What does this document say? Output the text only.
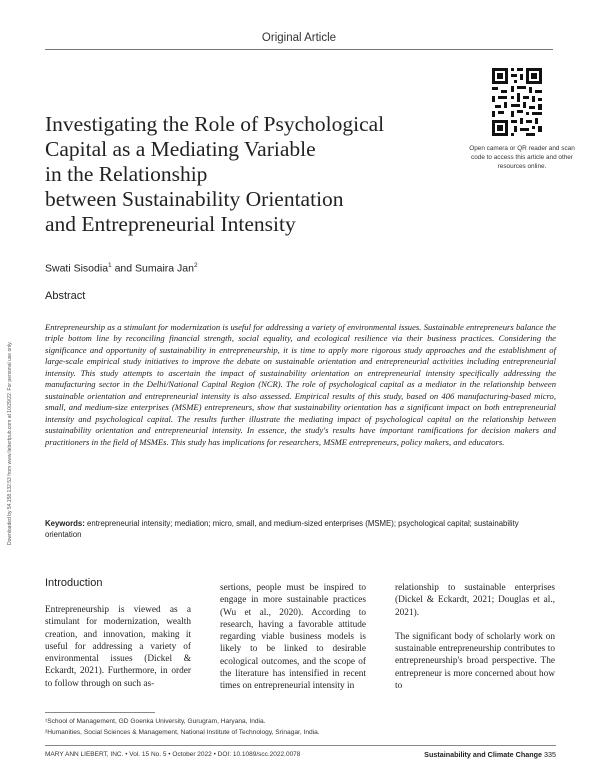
Downloaded by 54.158.132.53 from www.liebertpub.com at 10/29/22. For personal use only.
Original Article
Open camera or QR reader and scan code to access this article and other resources online.
Investigating the Role of Psychological
Capital as a Mediating Variable
in the Relationship
between Sustainability Orientation
and Entrepreneurial Intensity
Swati Sisodia$^1$ and Sumaira Jan$^2$
Abstract

Entrepreneurship as a stimulant for modernization is useful for addressing a variety of environmental issues. Sustainable entrepreneurs balance the triple bottom line by reconciling financial strength, social equality, and ecological resilience via their business practices. Considering the significance and opportunity of sustainability in entrepreneurship, it is time to apply more rigorous study approaches and the establishment of large-scale empirical study initiatives to improve the debate on sustainable orientation and entrepreneurial activities including entrepreneurial intensity. This study attempts to ascertain the impact of sustainability orientation on entrepreneurial intensity specifically addressing the manufacturing sector in the Delhi/National Capital Region (NCR). The role of psychological capital as a mediator in the relationship between sustainable orientation and entrepreneurial intensity is also assessed. Empirical results of this study, based on 406 manufacturing-based micro, small, and medium-size enterprises (MSME) entrepreneurs, show that sustainability orientation has a significant impact on both entrepreneurial intensity and psychological capital. The results further illustrate the mediating impact of psychological capital on the relationship between sustainability orientation and entrepreneurial intensity. In essence, the study's results have important ramifications for decision makers and practitioners in the field of MSMEs. This study has implications for researchers, MSME entrepreneurs, policy makers, and educators.

Keywords: entrepreneurial intensity; mediation; micro, small, and medium-sized enterprises (MSME); psychological capital; sustainability orientation

Introduction

Entrepreneurship is viewed as a stimulant for modernization, wealth creation, and innovation, making it useful for addressing a variety of environmental issues (Dickel & Eckardt, 2021). Furthermore, in order to follow through on such as-

sertions, people must be inspired to engage in more sustainable practices (Wu et al., 2020). According to research, having a favorable attitude regarding viable business models is likely to be linked to desirable ecological outcomes, and the scope of the literature has intensified in recent times on entrepreneurial intensity in

relationship to sustainable enterprises (Dickel & Eckardt, 2021; Douglas et al., 2021).

The significant body of scholarly work on sustainable entrepreneurship contributes to entrepreneurship's broad perspective. The entrepreneur is more concerned about how to

¹School of Management, GD Goenka University, Gurugram, Haryana, India.
²Humanities, Social Sciences & Management, National Institute of Technology, Srinagar, India.
MARY ANN LIEBERT, INC. • Vol. 15 No. 5 • October 2022 • DOI: 10.1089/scc.2022.0078	Sustainability and Climate Change 335
